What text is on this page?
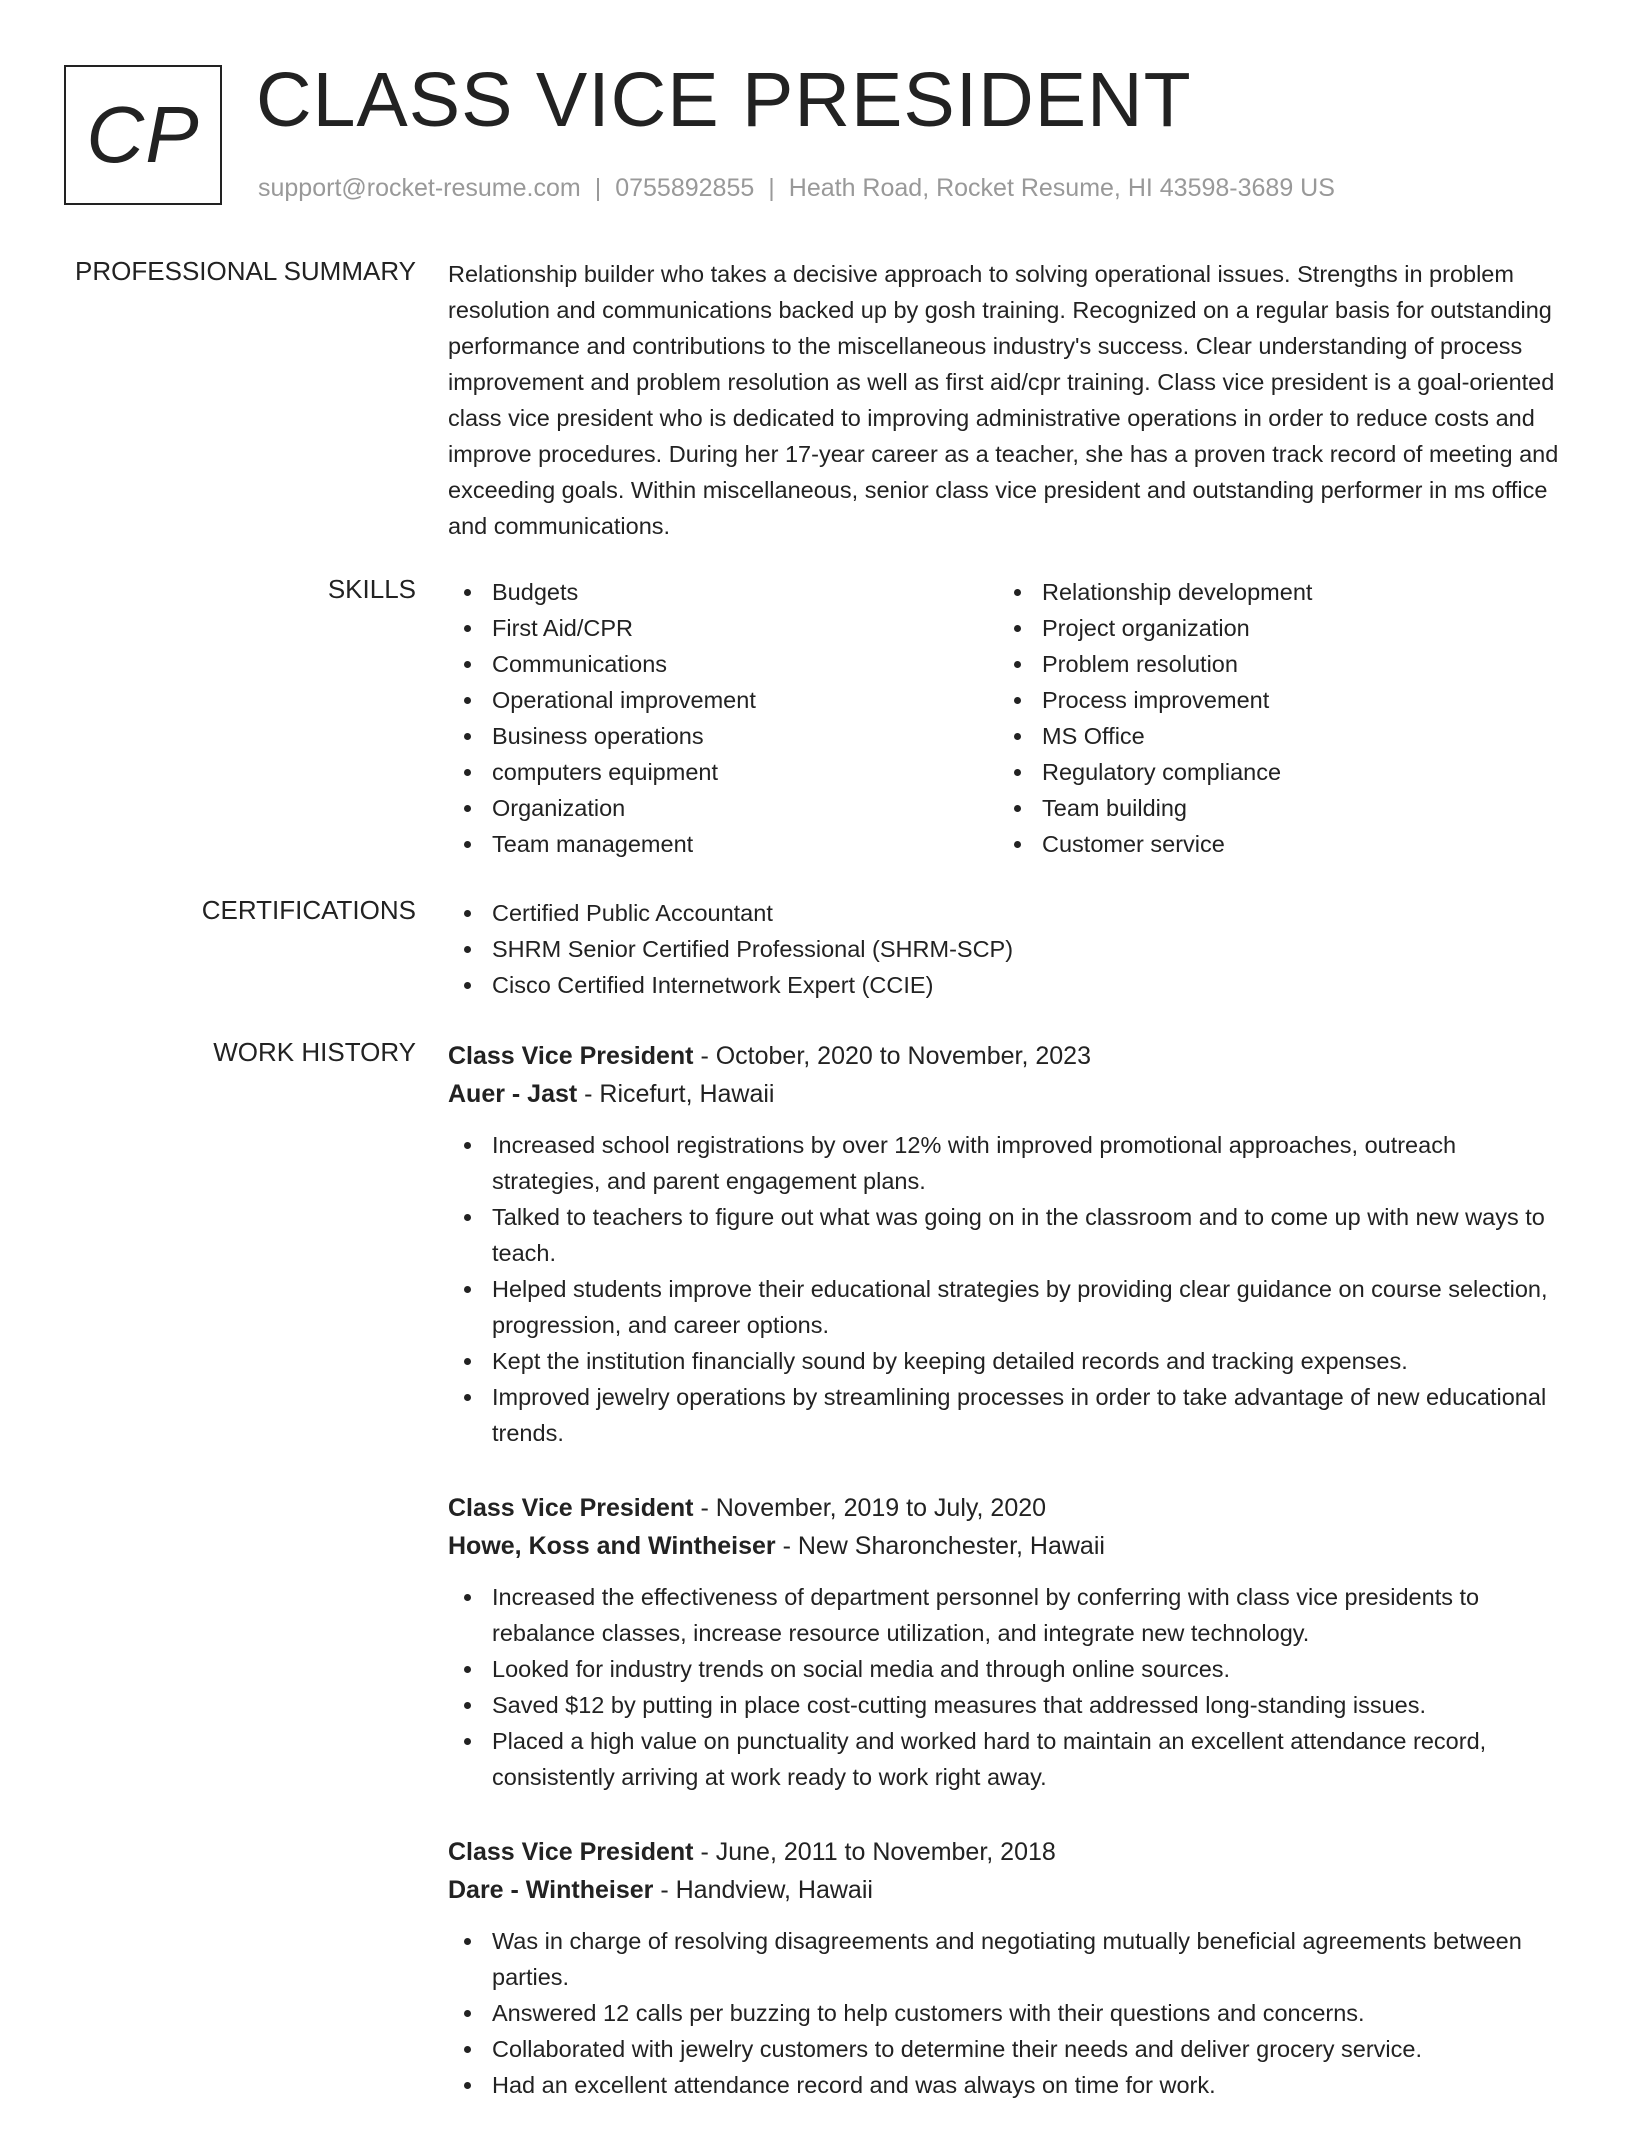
CP CLASS VICE PRESIDENT
support@rocket-resume.com | 0755892855 | Heath Road, Rocket Resume, HI 43598-3689 US
PROFESSIONAL SUMMARY Relationship builder who takes a decisive approach to solving operational issues. Strengths in problem resolution and communications backed up by gosh training. Recognized on a regular basis for outstanding performance and contributions to the miscellaneous industry's success. Clear understanding of process improvement and problem resolution as well as first aid/cpr training. Class vice president is a goal-oriented class vice president who is dedicated to improving administrative operations in order to reduce costs and improve procedures. During her 17-year career as a teacher, she has a proven track record of meeting and exceeding goals. Within miscellaneous, senior class vice president and outstanding performer in ms office and communications.

SKILLS	Budgets
First Aid/CPR
Communications
Operational improvement
Business operations
computers equipment
Organization
Team management
Relationship development
Project organization
Problem resolution
Process improvement
MS Office
Regulatory compliance
Team building
Customer service
CERTIFICATIONS	Certified Public Accountant
SHRM Senior Certified Professional (SHRM-SCP)
Cisco Certified Internetwork Expert (CCIE)
WORK HISTORY Class Vice President - October, 2020 to November, 2023
Auer - Jast - Ricefurt, Hawaii
Increased school registrations by over 12% with improved promotional approaches, outreach strategies, and parent engagement plans.
Talked to teachers to figure out what was going on in the classroom and to come up with new ways to teach.
Helped students improve their educational strategies by providing clear guidance on course selection, progression, and career options.
Kept the institution financially sound by keeping detailed records and tracking expenses.
Improved jewelry operations by streamlining processes in order to take advantage of new educational trends.
Class Vice President - November, 2019 to July, 2020
Howe, Koss and Wintheiser - New Sharonchester, Hawaii
Increased the effectiveness of department personnel by conferring with class vice presidents to rebalance classes, increase resource utilization, and integrate new technology.
Looked for industry trends on social media and through online sources.
Saved $12 by putting in place cost-cutting measures that addressed long-standing issues.
Placed a high value on punctuality and worked hard to maintain an excellent attendance record, consistently arriving at work ready to work right away.
Class Vice President - June, 2011 to November, 2018
Dare - Wintheiser - Handview, Hawaii
Was in charge of resolving disagreements and negotiating mutually beneficial agreements between parties.
Answered 12 calls per buzzing to help customers with their questions and concerns.
Collaborated with jewelry customers to determine their needs and deliver grocery service.
Had an excellent attendance record and was always on time for work.
